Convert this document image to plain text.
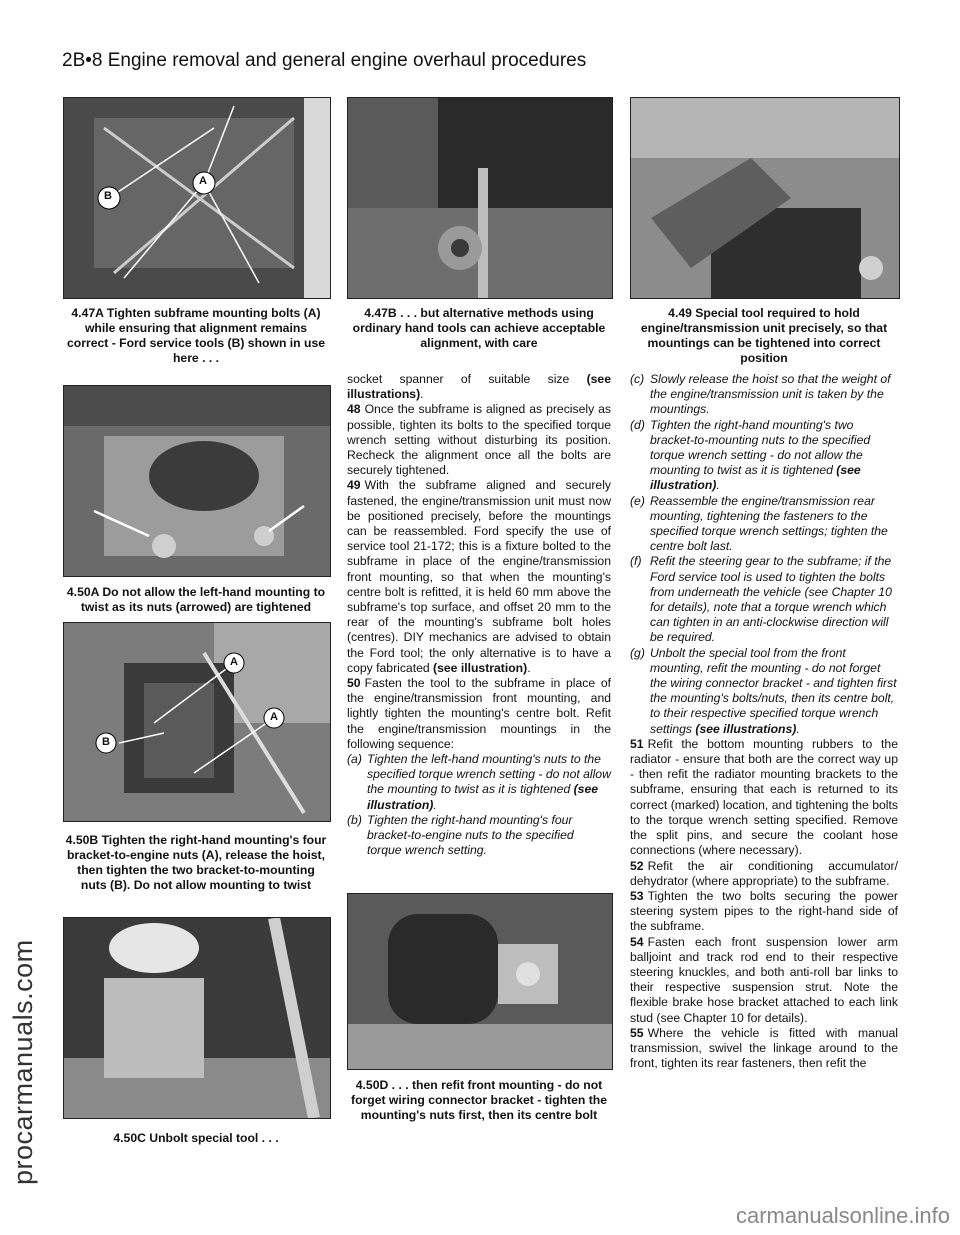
2B•8 Engine removal and general engine overhaul procedures
procarmanuals.com
A
B
4.47A Tighten subframe mounting bolts (A) while ensuring that alignment remains correct - Ford service tools (B) shown in use here . . .
4.47B . . . but alternative methods using ordinary hand tools can achieve acceptable alignment, with care
4.49 Special tool required to hold engine/transmission unit precisely, so that mountings can be tightened into correct position
4.50A Do not allow the left-hand mounting to twist as its nuts (arrowed) are tightened
A
A
B
4.50B Tighten the right-hand mounting's four bracket-to-engine nuts (A), release the hoist, then tighten the two bracket-to-mounting nuts (B). Do not allow mounting to twist
4.50C Unbolt special tool . . .
4.50D . . . then refit front mounting - do not forget wiring connector bracket - tighten the mounting's nuts first, then its centre bolt

socket spanner of suitable size (see illustrations).

48 Once the subframe is aligned as precisely as possible, tighten its bolts to the specified torque wrench setting without disturbing its position. Recheck the alignment once all the bolts are securely tightened.

49 With the subframe aligned and securely fastened, the engine/transmission unit must now be positioned precisely, before the mountings can be reassembled. Ford specify the use of service tool 21-172; this is a fixture bolted to the subframe in place of the engine/transmission front mounting, so that when the mounting's centre bolt is refitted, it is held 60 mm above the subframe's top surface, and offset 20 mm to the rear of the mounting's subframe bolt holes (centres). DIY mechanics are advised to obtain the Ford tool; the only alternative is to have a copy fabricated (see illustration).

50 Fasten the tool to the subframe in place of the engine/transmission front mounting, and lightly tighten the mounting's centre bolt. Refit the engine/transmission mountings in the following sequence:

(a) Tighten the left-hand mounting's nuts to the specified torque wrench setting - do not allow the mounting to twist as it is tightened (see illustration).

(b) Tighten the right-hand mounting's four bracket-to-engine nuts to the specified torque wrench setting.

(c) Slowly release the hoist so that the weight of the engine/transmission unit is taken by the mountings.

(d) Tighten the right-hand mounting's two bracket-to-mounting nuts to the specified torque wrench setting - do not allow the mounting to twist as it is tightened (see illustration).

(e) Reassemble the engine/transmission rear mounting, tightening the fasteners to the specified torque wrench settings; tighten the centre bolt last.

(f) Refit the steering gear to the subframe; if the Ford service tool is used to tighten the bolts from underneath the vehicle (see Chapter 10 for details), note that a torque wrench which can tighten in an anti-clockwise direction will be required.

(g) Unbolt the special tool from the front mounting, refit the mounting - do not forget the wiring connector bracket - and tighten first the mounting's bolts/nuts, then its centre bolt, to their respective specified torque wrench settings (see illustrations).

51 Refit the bottom mounting rubbers to the radiator - ensure that both are the correct way up - then refit the radiator mounting brackets to the subframe, ensuring that each is returned to its correct (marked) location, and tightening the bolts to the torque wrench setting specified. Remove the split pins, and secure the coolant hose connections (where necessary).

52 Refit the air conditioning accumulator/ dehydrator (where appropriate) to the subframe.

53 Tighten the two bolts securing the power steering system pipes to the right-hand side of the subframe.

54 Fasten each front suspension lower arm balljoint and track rod end to their respective steering knuckles, and both anti-roll bar links to their respective suspension strut. Note the flexible brake hose bracket attached to each link stud (see Chapter 10 for details).

55 Where the vehicle is fitted with manual transmission, swivel the linkage around to the front, tighten its rear fasteners, then refit the

carmanualsonline.info
